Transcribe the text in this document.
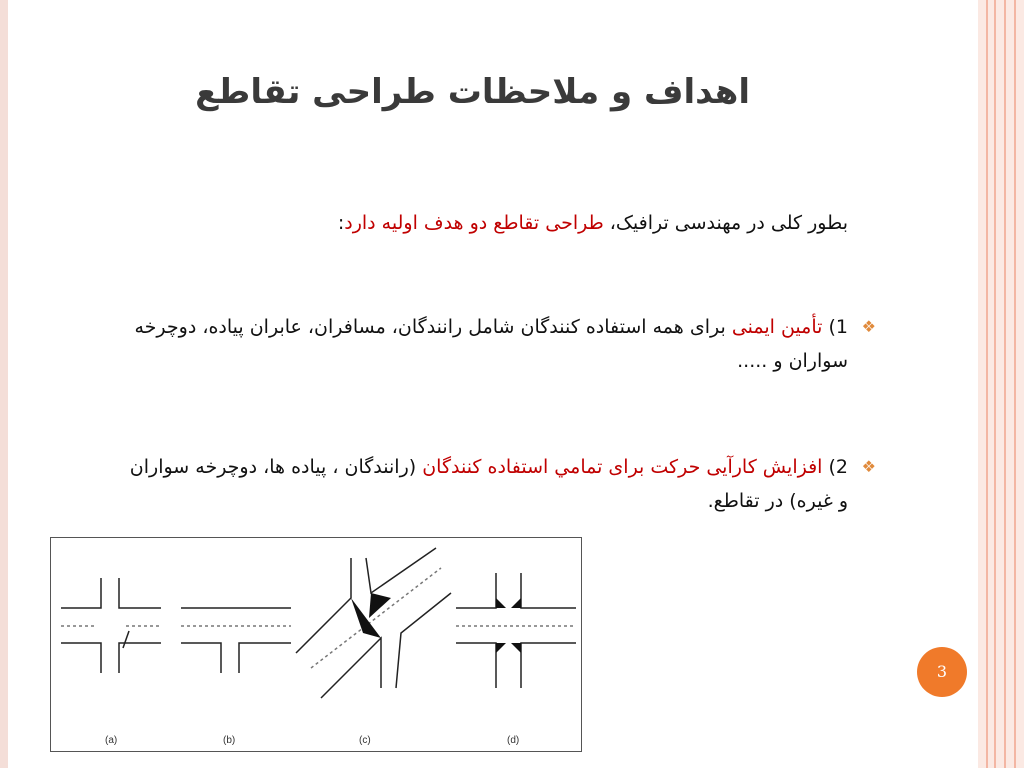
اهداف و ملاحظات طراحی تقاطع
بطور کلی در مهندسی ترافیک، طراحی تقاطع دو هدف اولیه دارد:
❖
1) تأمین ایمنی برای همه استفاده کنندگان شامل رانندگان، مسافران، عابران پیاده، دوچرخه سواران و .....
❖
2) افزايش کارآیی حرکت برای تمامي استفاده کنندگان (رانندگان ، پیاده ها، دوچرخه سواران و غیره) در تقاطع.
(a)	(b)	(c)	(d)
3
